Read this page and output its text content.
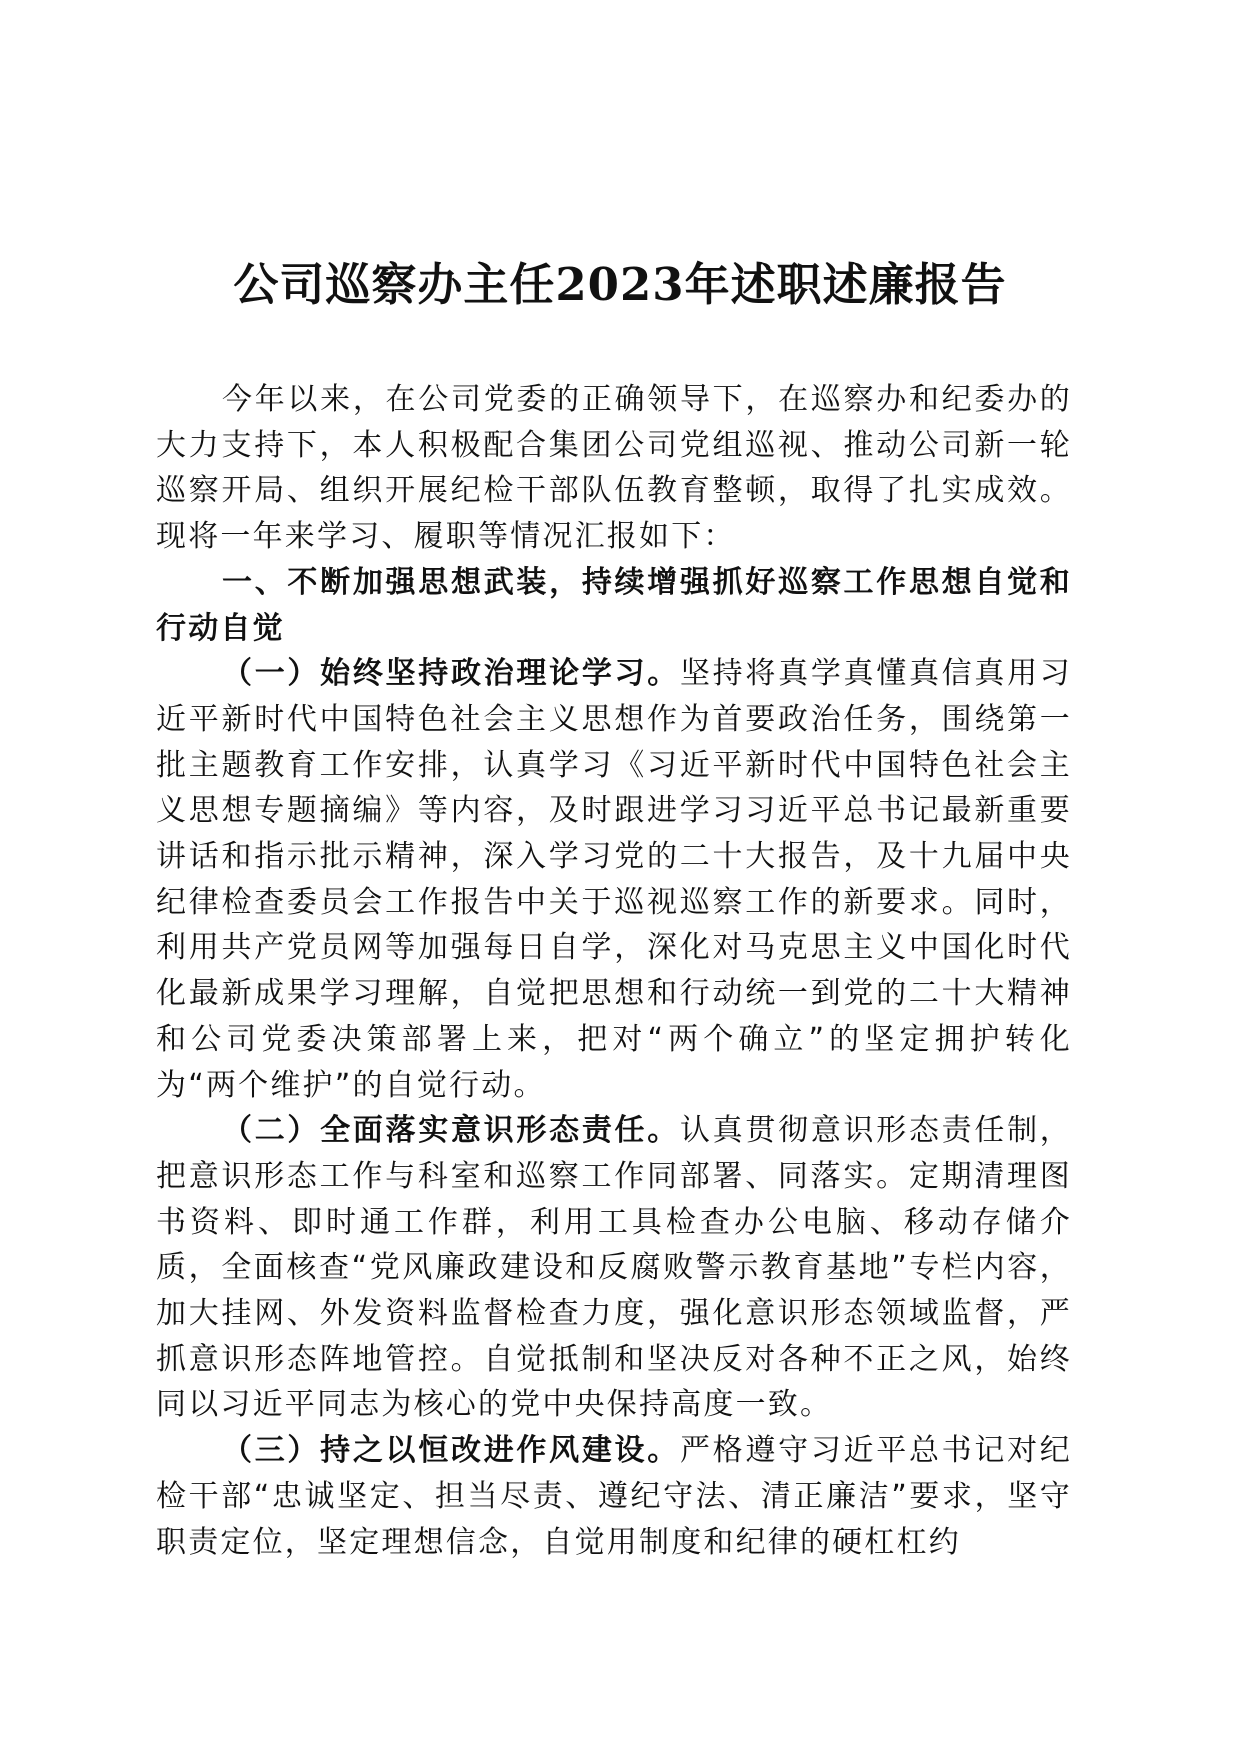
公司巡察办主任2023年述职述廉报告

今年以来，在公司党委的正确领导下，在巡察办和纪委办的大力支持下，本人积极配合集团公司党组巡视、推动公司新一轮巡察开局、组织开展纪检干部队伍教育整顿，取得了扎实成效。现将一年来学习、履职等情况汇报如下：

一、不断加强思想武装，持续增强抓好巡察工作思想自觉和行动自觉

（一）始终坚持政治理论学习。坚持将真学真懂真信真用习近平新时代中国特色社会主义思想作为首要政治任务，围绕第一批主题教育工作安排，认真学习《习近平新时代中国特色社会主义思想专题摘编》等内容，及时跟进学习习近平总书记最新重要讲话和指示批示精神，深入学习党的二十大报告，及十九届中央纪律检查委员会工作报告中关于巡视巡察工作的新要求。同时，利用共产党员网等加强每日自学，深化对马克思主义中国化时代化最新成果学习理解，自觉把思想和行动统一到党的二十大精神和公司党委决策部署上来，把对“两个确立”的坚定拥护转化为“两个维护”的自觉行动。

（二）全面落实意识形态责任。认真贯彻意识形态责任制，把意识形态工作与科室和巡察工作同部署、同落实。定期清理图书资料、即时通工作群，利用工具检查办公电脑、移动存储介质，全面核查“党风廉政建设和反腐败警示教育基地”专栏内容，加大挂网、外发资料监督检查力度，强化意识形态领域监督，严抓意识形态阵地管控。自觉抵制和坚决反对各种不正之风，始终同以习近平同志为核心的党中央保持高度一致。

（三）持之以恒改进作风建设。严格遵守习近平总书记对纪检干部“忠诚坚定、担当尽责、遵纪守法、清正廉洁”要求，坚守职责定位，坚定理想信念，自觉用制度和纪律的硬杠杠约
